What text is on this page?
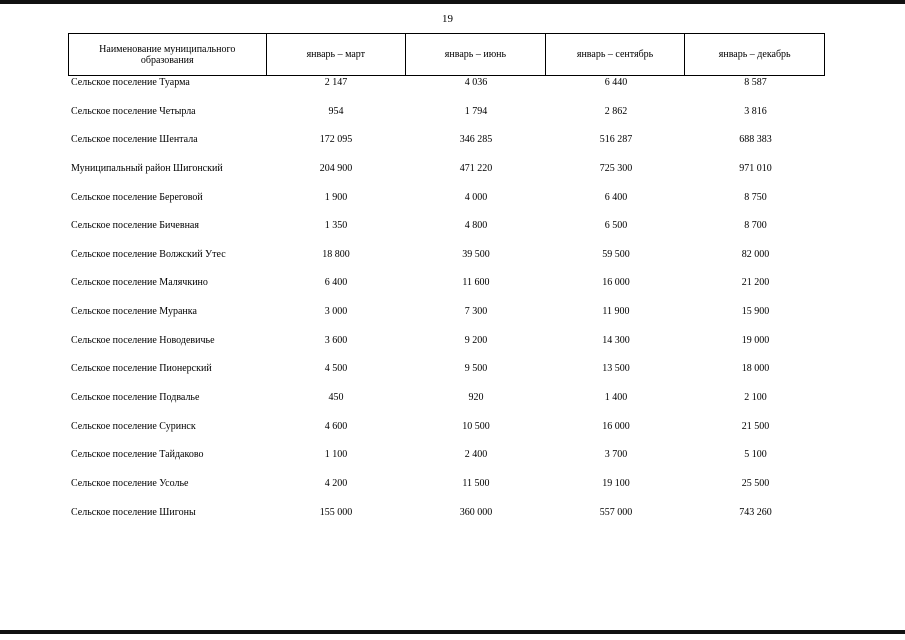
19
Наименование муниципального образования	январь – март	январь – июнь	январь – сентябрь	январь – декабрь
Сельское поселение Туарма	2 147	4 036	6 440	8 587
Сельское поселение Четырла	954	1 794	2 862	3 816
Сельское поселение Шентала	172 095	346 285	516 287	688 383
Муниципальный район Шигонский	204 900	471 220	725 300	971 010
Сельское поселение Береговой	1 900	4 000	6 400	8 750
Сельское поселение Бичевная	1 350	4 800	6 500	8 700
Сельское поселение Волжский Утес	18 800	39 500	59 500	82 000
Сельское поселение Малячкино	6 400	11 600	16 000	21 200
Сельское поселение Муранка	3 000	7 300	11 900	15 900
Сельское поселение Новодевичье	3 600	9 200	14 300	19 000
Сельское поселение Пионерский	4 500	9 500	13 500	18 000
Сельское поселение Подвалье	450	920	1 400	2 100
Сельское поселение Суринск	4 600	10 500	16 000	21 500
Сельское поселение Тайдаково	1 100	2 400	3 700	5 100
Сельское поселение Усолье	4 200	11 500	19 100	25 500
Сельское поселение Шигоны	155 000	360 000	557 000	743 260
